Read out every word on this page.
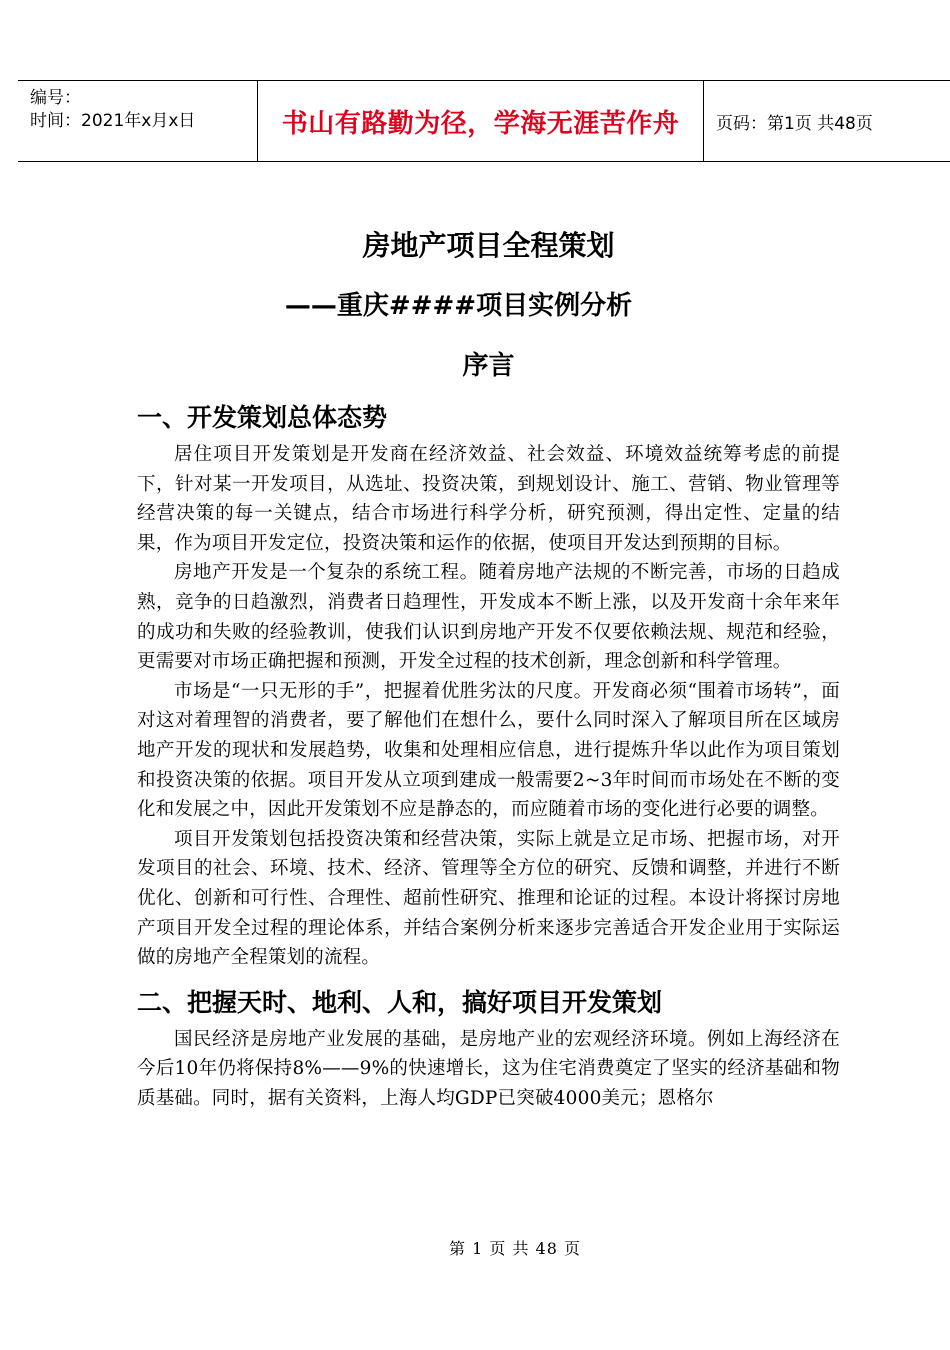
编号：
时间：2021年x月x日	书山有路勤为径，学海无涯苦作舟 页码：第1页 共48页
房地产项目全程策划
——重庆####项目实例分析
序言
一、开发策划总体态势

居住项目开发策划是开发商在经济效益、社会效益、环境效益统筹考虑的前提下，针对某一开发项目，从选址、投资决策，到规划设计、施工、营销、物业管理等经营决策的每一关键点，结合市场进行科学分析，研究预测，得出定性、定量的结果，作为项目开发定位，投资决策和运作的依据，使项目开发达到预期的目标。

房地产开发是一个复杂的系统工程。随着房地产法规的不断完善，市场的日趋成熟，竞争的日趋激烈，消费者日趋理性，开发成本不断上涨，以及开发商十余年来年的成功和失败的经验教训，使我们认识到房地产开发不仅要依赖法规、规范和经验，更需要对市场正确把握和预测，开发全过程的技术创新，理念创新和科学管理。

市场是“一只无形的手”，把握着优胜劣汰的尺度。开发商必须“围着市场转”，面对这对着理智的消费者，要了解他们在想什么，要什么同时深入了解项目所在区域房地产开发的现状和发展趋势，收集和处理相应信息，进行提炼升华以此作为项目策划和投资决策的依据。项目开发从立项到建成一般需要2~3年时间而市场处在不断的变化和发展之中，因此开发策划不应是静态的，而应随着市场的变化进行必要的调整。

项目开发策划包括投资决策和经营决策，实际上就是立足市场、把握市场，对开发项目的社会、环境、技术、经济、管理等全方位的研究、反馈和调整，并进行不断优化、创新和可行性、合理性、超前性研究、推理和论证的过程。本设计将探讨房地产项目开发全过程的理论体系，并结合案例分析来逐步完善适合开发企业用于实际运做的房地产全程策划的流程。

二、把握天时、地利、人和，搞好项目开发策划

国民经济是房地产业发展的基础，是房地产业的宏观经济环境。例如上海经济在今后10年仍将保持8%——9%的快速增长，这为住宅消费奠定了坚实的经济基础和物质基础。同时，据有关资料，上海人均GDP已突破4000美元；恩格尔

第 1 页 共 48 页
